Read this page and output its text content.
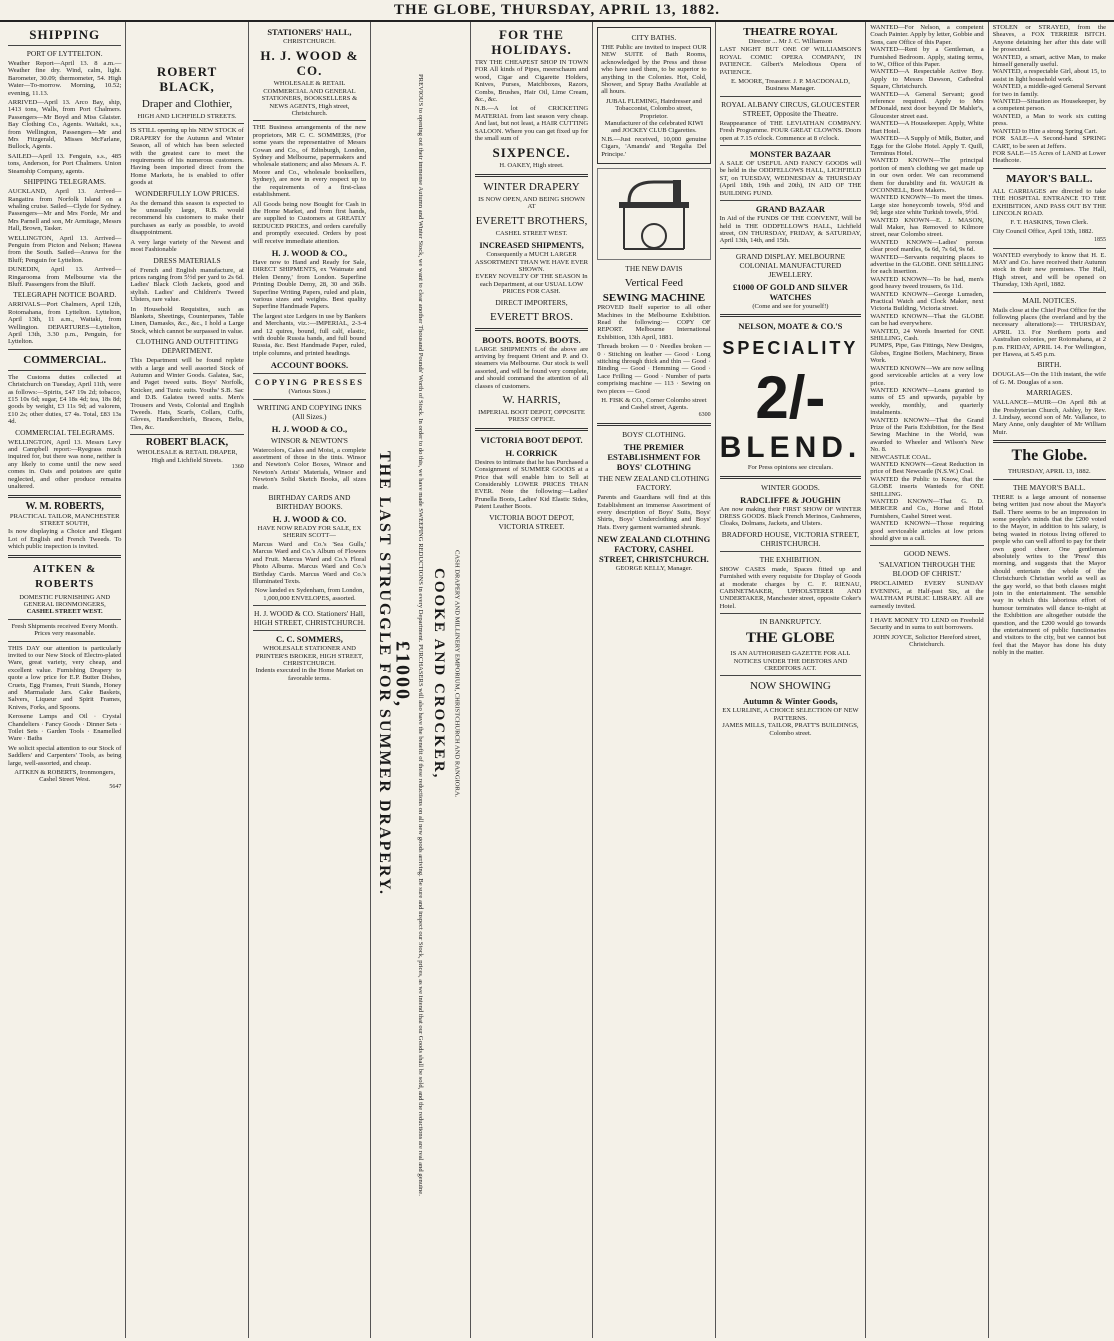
THE GLOBE, THURSDAY, APRIL 13, 1882.
SHIPPING
PORT OF LYTTELTON.
Weather Report—April 13. 8 a.m.—Weather fine dry. Wind, calm, light. Barometer, 30.09; thermometer, 54. High Water—To-morrow. Morning, 10.52; evening, 11.13.
ARRIVED—April 13. Arco Bay, ship, 1413 tons, Walls, from Port Chalmers. Passengers—Mr Boyd and Miss Glaister. Bay Clothing Co., Agents. Waitaki, s.s., from Wellington, Passengers—Mr and Mrs Fitzgerald, Misses McFarlane, Bullock, Agents.
SAILED—April 13. Fenguin, s.s., 485 tons, Anderson, for Port Chalmers. Union Steamship Company, agents.
SHIPPING TELEGRAMS.
AUCKLAND, April 13. Arrived—Rangatira from Norfolk Island on a whaling cruise. Sailed—Clyde for Sydney. Passengers—Mr and Mrs Forde, Mr and Mrs Parnell and son, Mr Armitage, Messrs Hall, Brown, Tasker.
WELLINGTON, April 13. Arrived—Penguin from Picton and Nelson; Hawea from the South. Sailed—Arawa for the Bluff; Penguin for Lyttelton.
DUNEDIN, April 13. Arrived—Ringarooma from Melbourne via the Bluff. Passengers from the Bluff.
TELEGRAPH NOTICE BOARD.
ARRIVALS—Port Chalmers, April 12th, Rotomahana, from Lyttelton. Lyttelton, April 13th, 11 a.m., Waitaki, from Wellington. DEPARTURES—Lyttelton, April 13th, 3.30 p.m., Penguin, for Lyttelton.
COMMERCIAL.
The Customs duties collected at Christchurch on Tuesday, April 11th, were as follows:—Spirits, £47 19s 2d; tobacco, £15 10s 6d; sugar, £4 18s 4d; tea, 18s 8d; goods by weight, £3 11s 9d; ad valorem, £10 2s; other duties, £7 4s. Total, £83 13s 4d.
COMMERCIAL TELEGRAMS.
WELLINGTON, April 13. Messrs Levy and Campbell report:—Ryegrass much inquired for, but there was none, neither is any likely to come until the new seed comes in. Oats and potatoes are quite neglected, and other produce remains unaltered.
W. M. ROBERTS,
PRACTICAL TAILOR, MANCHESTER STREET SOUTH,
Is now displaying a Choice and Elegant Lot of English and French Tweeds. To which public inspection is invited.
AITKEN & ROBERTS
DOMESTIC FURNISHING AND GENERAL IRONMONGERS,
CASHEL STREET WEST.
Fresh Shipments received Every Month. Prices very reasonable.
THIS DAY our attention is particularly invited to our New Stock of Electro-plated Ware, great variety, very cheap, and excellent value. Furnishing Drapery to quote a low price for E.P. Butter Dishes, Cruets, Egg Frames, Fruit Stands, Honey and Marmalade Jars. Cake Baskets, Salvers, Liqueur and Spirit Frames, Knives, Forks, and Spoons.
Kerosene Lamps and Oil · Crystal Chandeliers · Fancy Goods · Dinner Sets · Toilet Sets · Garden Tools · Enamelled Ware · Baths
We solicit special attention to our Stock of Saddlers' and Carpenters' Tools, as being large, well-assorted, and cheap.
AITKEN & ROBERTS, Ironmongers, Cashel Street West.
5647
ROBERT BLACK,
Draper and Clothier,
HIGH AND LICHFIELD STREETS.
IS STILL opening up his NEW STOCK of DRAPERY for the Autumn and Winter Season, all of which has been selected with the greatest care to meet the requirements of his numerous customers. Having been imported direct from the Home Markets, he is enabled to offer goods at
WONDERFULLY LOW PRICES.
As the demand this season is expected to be unusually large, R.B. would recommend his customers to make their purchases as early as possible, to avoid disappointment.
A very large variety of the Newest and most Fashionable
DRESS MATERIALS
of French and English manufacture, at prices ranging from 5½d per yard to 2s 6d. Ladies' Black Cloth Jackets, good and stylish. Ladies' and Children's Tweed Ulsters, rare value.
In Household Requisites, such as Blankets, Sheetings, Counterpanes, Table Linen, Damasks, &c., &c., I hold a Large Stock, which cannot be surpassed in value.
CLOTHING AND OUTFITTING DEPARTMENT.
This Department will be found replete with a large and well assorted Stock of Autumn and Winter Goods. Galatea, Sac, and Paget tweed suits. Boys' Norfolk, Knicker, and Tunic suits. Youths' S.B. Sac and D.B. Galatea tweed suits. Men's Trousers and Vests, Colonial and English Tweeds. Hats, Scarfs, Collars, Cuffs, Gloves, Handkerchiefs, Braces, Belts, Ties, &c.
ROBERT BLACK,
WHOLESALE & RETAIL DRAPER, High and Lichfield Streets.
1360
STATIONERS' HALL,
CHRISTCHURCH.
H. J. WOOD & CO.
WHOLESALE & RETAIL COMMERCIAL AND GENERAL STATIONERS, BOOKSELLERS & NEWS AGENTS, High street, Christchurch.
THE Business arrangements of the new proprietors, MR C. C. SOMMERS, (For some years the representative of Messrs Cowan and Co., of Edinburgh, London, Sydney and Melbourne, papermakers and wholesale stationers; and also Messrs A. F. Moore and Co., wholesale booksellers, Sydney), are now in every respect up to the requirements of a first-class establishment.
All Goods being now Bought for Cash in the Home Market, and from first hands, are supplied to Customers at GREATLY REDUCED PRICES, and orders carefully and promptly executed. Orders by post will receive immediate attention.
H. J. WOOD & CO.,
Have now to Hand and Ready for Sale, DIRECT SHIPMENTS, ex 'Waimate and Helen Denny,' from London. Superfine Printing Double Demy, 28, 30 and 36lb. Superfine Writing Papers, ruled and plain, various sizes and weights. Best quality Superfine Handmade Papers.
The largest size Ledgers in use by Bankers and Merchants, viz.:—IMPERIAL, 2-3-4 and 12 quires, bound, full calf, elastic, with double Russia bands, and full bound Russia, &c. Best Handmade Paper, ruled, triple columns, and printed headings.
ACCOUNT BOOKS.
COPYING PRESSES
(Various Sizes.)
WRITING AND COPYING INKS (All Sizes.)
H. J. WOOD & CO.,
WINSOR & NEWTON'S
Watercolors, Cakes and Moist, a complete assortment of those in the tints. Winsor and Newton's Color Boxes, Winsor and Newton's Artists' Materials, Winsor and Newton's Solid Sketch Books, all sizes made.
BIRTHDAY CARDS AND BIRTHDAY BOOKS.
H. J. WOOD & CO.
HAVE NOW READY FOR SALE, EX SHERIN SCOTT—
Marcus Ward and Co.'s 'Sea Gulls,' Marcus Ward and Co.'s Album of Flowers and Fruit. Marcus Ward and Co.'s Floral Photo Albums. Marcus Ward and Co.'s Birthday Cards. Marcus Ward and Co.'s Illuminated Texts.
Now landed ex Sydenham, from London, 1,000,000 ENVELOPES, assorted.
H. J. WOOD & CO. Stationers' Hall, HIGH STREET, CHRISTCHURCH.
C. C. SOMMERS,
WHOLESALE STATIONER AND PRINTER'S BROKER, HIGH STREET, CHRISTCHURCH.
Indents executed in the Home Market on favorable terms.	THE LAST STRUGGLE FOR SUMMER DRAPERY.
£1000, PREVIOUS to opening out their immense Autumn and Winter Stock, we want to clear another Thousand Pounds' Worth of Stock. In order to do this, we have made SWEEPING REDUCTIONS in every Department. PURCHASERS will also have the benefit of these reductions on all new goods arriving. Be sure and inspect our Stock, prices, as we intend that our Goods shall be sold, and the reductions are real and genuine. COOKE AND CROCKER, CASH DRAPERY AND MILLINERY EMPORIUM, CHRISTCHURCH AND RANGIORA.
FOR THE HOLIDAYS.
TRY THE CHEAPEST SHOP IN TOWN FOR All kinds of Pipes, meerschaum and wood, Cigar and Cigarette Holders, Knives, Purses, Matchboxes, Razors, Combs, Brushes, Hair Oil, Lime Cream, &c., &c.
N.B.—A lot of CRICKETING MATERIAL from last season very cheap. And last, but not least, a HAIR CUTTING SALOON. Where you can get fixed up for the small sum of
SIXPENCE.
H. OAKEY, High street.
WINTER DRAPERY
IS NOW OPEN, AND BEING SHOWN AT
EVERETT BROTHERS,
CASHEL STREET WEST.
INCREASED SHIPMENTS,
Consequently a MUCH LARGER ASSORTMENT THAN WE HAVE EVER SHOWN.
EVERY NOVELTY OF THE SEASON In each Department, at our USUAL LOW PRICES FOR CASH.
DIRECT IMPORTERS,
EVERETT BROS.
BOOTS. BOOTS. BOOTS.
LARGE SHIPMENTS of the above are arriving by frequent Orient and P. and O. steamers via Melbourne. Our stock is well assorted, and will be found very complete, and should command the attention of all classes of customers.
W. HARRIS,
IMPERIAL BOOT DEPOT, OPPOSITE 'PRESS' OFFICE.
VICTORIA BOOT DEPOT.
H. CORRICK
Desires to intimate that he has Purchased a Consignment of SUMMER GOODS at a Price that will enable him to Sell at Considerably LOWER PRICES THAN EVER. Note the following:—Ladies' Prunella Boots, Ladies' Kid Elastic Sides, Patent Leather Boots.
VICTORIA BOOT DEPOT, VICTORIA STREET.
CITY BATHS.
THE Public are invited to inspect OUR NEW SUITE of Bath Rooms, acknowledged by the Press and those who have used them, to be superior to anything in the Colonies. Hot, Cold, Shower, and Spray Baths Available at all hours.
JUBAL FLEMING, Hairdresser and Tobacconist, Colombo street, Proprietor.
Manufacturer of the celebrated KIWI and JOCKEY CLUB Cigarettes.
N.B.—Just received, 10,000 genuine Cigars, 'Amanda' and 'Regalia Del Principe.'
THE NEW DAVIS
Vertical Feed
SEWING MACHINE
PROVED Itself superior to all other Machines in the Melbourne Exhibition. Read the following:— COPY OF REPORT. Melbourne International Exhibition, 13th April, 1881.
Threads broken — 0 · Needles broken — 0 · Stitching on leather — Good · Long stitching through thick and thin — Good · Binding — Good · Hemming — Good · Lace Frilling — Good · Number of parts comprising machine — 113 · Sewing on two pieces — Good
H. FISK & CO., Corner Colombo street and Cashel street, Agents.
6300
BOYS' CLOTHING.
THE PREMIER ESTABLISHMENT FOR BOYS' CLOTHING
THE NEW ZEALAND CLOTHING FACTORY.
Parents and Guardians will find at this Establishment an immense Assortment of every description of Boys' Suits, Boys' Shirts, Boys' Underclothing and Boys' Hats. Every garment warranted shrunk.
NEW ZEALAND CLOTHING FACTORY, CASHEL STREET, CHRISTCHURCH.
GEORGE KELLY, Manager.
THEATRE ROYAL
Director ... Mr J. C. Williamson
LAST NIGHT BUT ONE OF WILLIAMSON'S ROYAL COMIC OPERA COMPANY, IN PATIENCE. Gilbert's Melodious Opera of PATIENCE.
E. MOORE, Treasurer. J. P. MACDONALD, Business Manager.
ROYAL ALBANY CIRCUS, GLOUCESTER STREET, Opposite the Theatre.
Reappearance of THE LEVIATHAN COMPANY. Fresh Programme. FOUR GREAT CLOWNS. Doors open at 7.15 o'clock. Commence at 8 o'clock.
MONSTER BAZAAR
A SALE OF USEFUL AND FANCY GOODS will be held in the ODDFELLOWS HALL, LICHFIELD ST, on TUESDAY, WEDNESDAY & THURSDAY (April 18th, 19th and 20th), IN AID OF THE BUILDING FUND.
GRAND BAZAAR
In Aid of the FUNDS OF THE CONVENT, Will be held in THE ODDFELLOW'S HALL, Lichfield street, ON THURSDAY, FRIDAY, & SATURDAY, April 13th, 14th, and 15th.
GRAND DISPLAY. MELBOURNE COLONIAL MANUFACTURED JEWELLERY.
£1000 OF GOLD AND SILVER WATCHES
(Come and see for yourself!)
NELSON, MOATE & CO.'S
SPECIALITY
2/-
BLEND.
For Press opinions see circulars.
WINTER GOODS.
RADCLIFFE & JOUGHIN
Are now making their FIRST SHOW OF WINTER DRESS GOODS. Black French Merinos, Cashmeres, Cloaks, Dolmans, Jackets, and Ulsters.
BRADFORD HOUSE, VICTORIA STREET, CHRISTCHURCH.
THE EXHIBITION.
SHOW CASES made, Spaces fitted up and Furnished with every requisite for Display of Goods at moderate charges by C. F. RIENAU, CABINETMAKER, UPHOLSTERER AND UNDERTAKER, Manchester street, opposite Coker's Hotel.
IN BANKRUPTCY.
THE GLOBE
IS AN AUTHORISED GAZETTE FOR ALL NOTICES UNDER THE DEBTORS AND CREDITORS ACT.
NOW SHOWING
Autumn & Winter Goods,
EX LURLINE, A CHOICE SELECTION OF NEW PATTERNS.
JAMES MILLS, TAILOR, PRATT'S BUILDINGS, Colombo street.
WANTED—For Nelson, a competent Coach Painter. Apply by letter, Gobbie and Sons, care Office of this Paper.
WANTED—Rent by a Gentleman, a Furnished Bedroom. Apply, stating terms, to W., Office of this Paper.
WANTED—A Respectable Active Boy. Apply to Messrs Dawson, Cathedral Square, Christchurch.
WANTED—A General Servant; good reference required. Apply to Mrs M'Donald, next door beyond Dr Mahler's, Gloucester street east.
WANTED—A Housekeeper. Apply, White Hart Hotel.
WANTED—A Supply of Milk, Butter, and Eggs for the Globe Hotel. Apply T. Quill, Terminus Hotel.
WANTED KNOWN—The principal portion of men's clothing we get made up in our own order. We can recommend them for durability and fit. WAUGH & O'CONNELL, Boot Makers.
WANTED KNOWN—To meet the times. Large size honeycomb towels, 9½d and 9d; large size white Turkish towels, 9½d.
WANTED KNOWN—E. J. MASON, Wall Maker, has Removed to Kilmore street, near Colombo street.
WANTED KNOWN—Ladies' porous clear proof mantles, 6s 6d, 7s 6d, 9s 6d.
WANTED—Servants requiring places to advertise in the GLOBE. ONE SHILLING for each insertion.
WANTED KNOWN—To be had, men's good heavy tweed trousers, 6s 11d.
WANTED KNOWN—George Lumsden, Practical Watch and Clock Maker, next Victoria Building, Victoria street.
WANTED KNOWN—That the GLOBE can be had everywhere.
WANTED, 24 Words Inserted for ONE SHILLING, Cash.
PUMPS, Pipe, Gas Fittings, New Designs, Globes, Engine Boilers, Machinery, Brass Work.
WANTED KNOWN—We are now selling good serviceable articles at a very low price.
WANTED KNOWN—Loans granted to sums of £5 and upwards, payable by weekly, monthly, and quarterly instalments.
WANTED KNOWN—That the Grand Prize of the Paris Exhibition, for the Best Sewing Machine in the World, was awarded to Wheeler and Wilson's New No. 8.
NEWCASTLE COAL.
WANTED KNOWN—Great Reduction in price of Best Newcastle (N.S.W.) Coal.
WANTED the Public to Know, that the GLOBE inserts Wanteds for ONE SHILLING.
WANTED KNOWN—That G. D. MERCER and Co., Horse and Hotel Furnishers, Cashel Street west.
WANTED KNOWN—Those requiring good serviceable articles at low prices should give us a call.
GOOD NEWS.
'SALVATION THROUGH THE BLOOD OF CHRIST.'
PROCLAIMED EVERY SUNDAY EVENING, at Half-past Six, at the WALTHAM PUBLIC LIBRARY. All are earnestly invited.
I HAVE MONEY TO LEND on Freehold Security and in sums to suit borrowers.
JOHN JOYCE, Solicitor Hereford street, Christchurch.
STOLEN or STRAYED, from the Sheaves, a FOX TERRIER BITCH. Anyone detaining her after this date will be prosecuted.
WANTED, a smart, active Man, to make himself generally useful.
WANTED, a respectable Girl, about 15, to assist in light household work.
WANTED, a middle-aged General Servant for two in family.
WANTED—Situation as Housekeeper, by a competent person.
WANTED, a Man to work six cutting press.
WANTED to Hire a strong Spring Cart.
FOR SALE—A Second-hand SPRING CART, to be seen at Jeffers.
FOR SALE—15 Acres of LAND at Lower Heathcote.
MAYOR'S BALL.
ALL CARRIAGES are directed to take THE HOSPITAL ENTRANCE TO THE EXHIBITION, AND PASS OUT BY THE LINCOLN ROAD.
F. T. HASKINS, Town Clerk.
City Council Office, April 13th, 1882.
1855
WANTED everybody to know that H. E. MAY and Co. have received their Autumn stock in their new premises. The Hall, High street, and will be opened on Thursday, 13th April, 1882.
MAIL NOTICES.
Mails close at the Chief Post Office for the following places (the overland and by the necessary alterations):— THURSDAY, APRIL 13. For Northern ports and Australian colonies, per Rotomahana, at 2 p.m. FRIDAY, APRIL 14. For Wellington, per Hawea, at 5.45 p.m.
BIRTH.
DOUGLAS—On the 11th instant, the wife of G. M. Douglas of a son.
MARRIAGES.
VALLANCE—MUIR—On April 8th at the Presbyterian Church, Ashley, by Rev. J. Lindsay, second son of Mr. Vallance, to Mary Anne, only daughter of Mr William Muir.
The Globe.
THURSDAY, APRIL 13, 1882.
THE MAYOR'S BALL.
THERE is a large amount of nonsense being written just now about the Mayor's Ball. There seems to be an impression in some people's minds that the £200 voted to the Mayor, in addition to his salary, is being wasted in riotous living offered to people who can well afford to pay for their own good cheer. One gentleman absolutely writes to the 'Press' this morning, and suggests that the Mayor should entertain the whole of the Christchurch Christian world as well as the gay world, so that both classes might join in the entertainment. The sensible way in which this laborious effort of humour terminates will dance to-night at the Exhibition are altogether outside the question, and the £200 would go towards the entertainment of public functionaries and visitors to the city, but we cannot but feel that the Mayor has done his duty nobly in the matter.
